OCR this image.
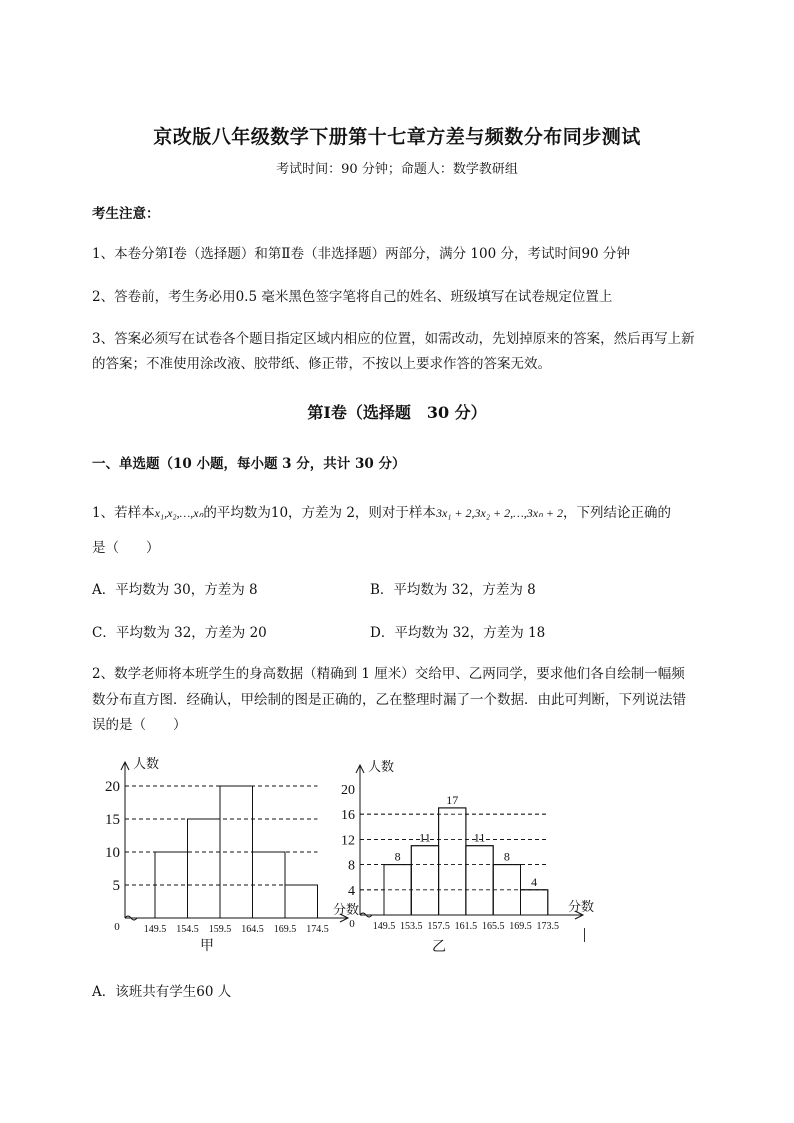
京改版八年级数学下册第十七章方差与频数分布同步测试
考试时间：90 分钟；命题人：数学教研组
考生注意：
1、本卷分第Ⅰ卷（选择题）和第Ⅱ卷（非选择题）两部分，满分 100 分，考试时间90 分钟
2、答卷前，考生务必用0.5 毫米黑色签字笔将自己的姓名、班级填写在试卷规定位置上
3、答案必须写在试卷各个题目指定区域内相应的位置，如需改动，先划掉原来的答案，然后再写上新
的答案；不准使用涂改液、胶带纸、修正带，不按以上要求作答的答案无效。
第Ⅰ卷（选择题　30 分）
一、单选题（10 小题，每小题 3 分，共计 30 分）
1、若样本x₁,x₂,…,xₙ的平均数为10，方差为 2，则对于样本3x₁ + 2,3x₂ + 2,…,3xₙ + 2，下列结论正确的
是（　　）
A．平均数为 30，方差为 8	B．平均数为 32，方差为 8
C．平均数为 32，方差为 20	D．平均数为 32，方差为 18
2、数学老师将本班学生的身高数据（精确到 1 厘米）交给甲、乙两同学，要求他们各自绘制一幅频
数分布直方图．经确认，甲绘制的图是正确的，乙在整理时漏了一个数据．由此可判断，下列说法错
误的是（　　）
5
10
15
20
149.5 154.5 159.5 164.5 169.5 174.5
0
人数
分数
甲
8
11
17
11
8
4
4
8
12
16
20
149.5 153.5 157.5 161.5 165.5 169.5 173.5
0
人数
分数
乙
A．该班共有学生60 人
